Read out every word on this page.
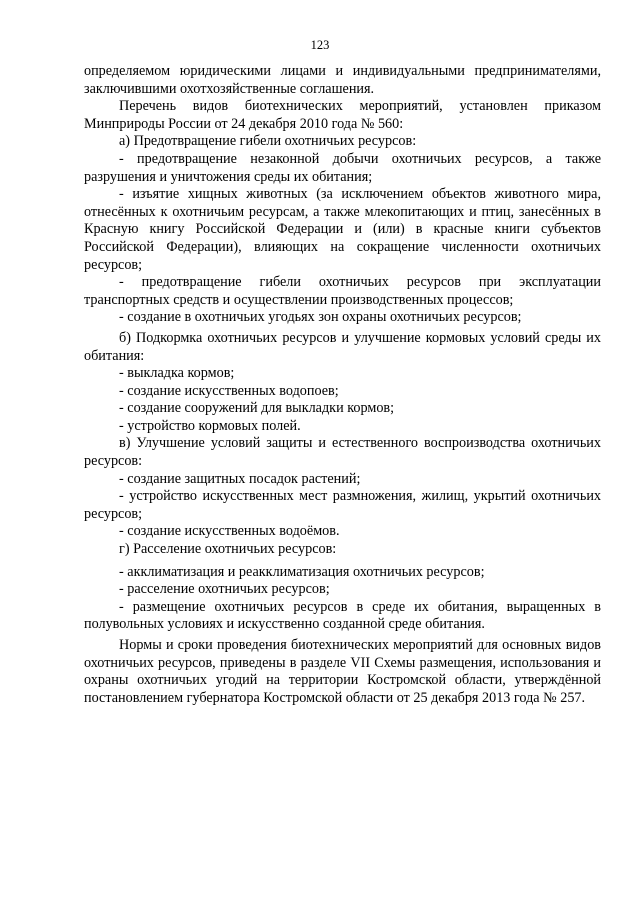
123

определяемом юридическими лицами и индивидуальными предпринимателями, заключившими охотхозяйственные соглашения.

Перечень видов биотехнических мероприятий, установлен приказом Минприроды России от 24 декабря 2010 года № 560:

а) Предотвращение гибели охотничьих ресурсов:

- предотвращение незаконной добычи охотничьих ресурсов, а также разрушения и уничтожения среды их обитания;

- изъятие хищных животных (за исключением объектов животного мира, отнесённых к охотничьим ресурсам, а также млекопитающих и птиц, занесённых в Красную книгу Российской Федерации и (или) в красные книги субъектов Российской Федерации), влияющих на сокращение численности охотничьих ресурсов;

- предотвращение гибели охотничьих ресурсов при эксплуатации транспортных средств и осуществлении производственных процессов;

- создание в охотничьих угодьях зон охраны охотничьих ресурсов;

б) Подкормка охотничьих ресурсов и улучшение кормовых условий среды их обитания:

- выкладка кормов;

- создание искусственных водопоев;

- создание сооружений для выкладки кормов;

- устройство кормовых полей.

в) Улучшение условий защиты и естественного воспроизводства охотничьих ресурсов:

- создание защитных посадок растений;

- устройство искусственных мест размножения, жилищ, укрытий охотничьих ресурсов;

- создание искусственных водоёмов.

г) Расселение охотничьих ресурсов:

- акклиматизация и реакклиматизация охотничьих ресурсов;

- расселение охотничьих ресурсов;

- размещение охотничьих ресурсов в среде их обитания, выращенных в полувольных условиях и искусственно созданной среде обитания.

Нормы и сроки проведения биотехнических мероприятий для основных видов охотничьих ресурсов, приведены в разделе VII Схемы размещения, использования и охраны охотничьих угодий на территории Костромской области, утверждённой постановлением губернатора Костромской области от 25 декабря 2013 года № 257.
